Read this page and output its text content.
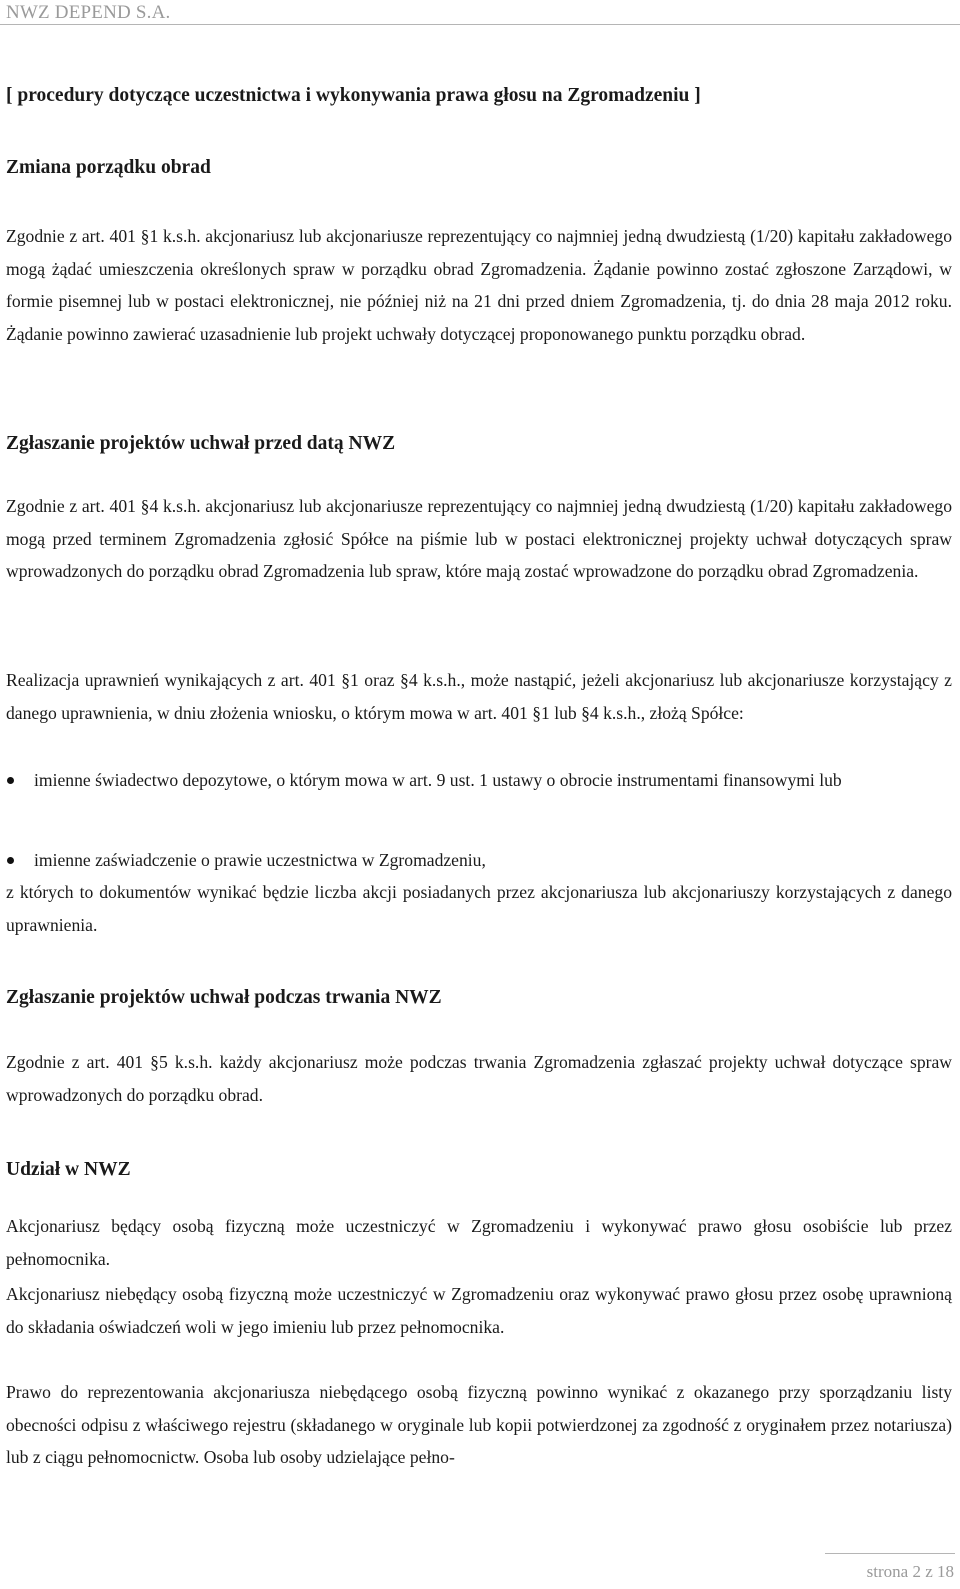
NWZ DEPEND S.A.
[ procedury dotyczące uczestnictwa i wykonywania prawa głosu na Zgromadzeniu ]
Zmiana porządku obrad
Zgodnie z art. 401 §1 k.s.h. akcjonariusz lub akcjonariusze reprezentujący co najmniej jedną dwudziestą (1/20) kapitału zakładowego mogą żądać umieszczenia określonych spraw w porządku obrad Zgromadzenia. Żądanie powinno zostać zgłoszone Zarządowi, w formie pisemnej lub w postaci elektronicznej, nie później niż na 21 dni przed dniem Zgromadzenia, tj. do dnia 28 maja 2012 roku. Żądanie powinno zawierać uzasadnienie lub projekt uchwały dotyczącej proponowanego punktu porządku obrad.
Zgłaszanie projektów uchwał przed datą NWZ
Zgodnie z art. 401 §4 k.s.h. akcjonariusz lub akcjonariusze reprezentujący co najmniej jedną dwudziestą (1/20) kapitału zakładowego mogą przed terminem Zgromadzenia zgłosić Spółce na piśmie lub w postaci elektronicznej projekty uchwał dotyczących spraw wprowadzonych do porządku obrad Zgromadzenia lub spraw, które mają zostać wprowadzone do porządku obrad Zgromadzenia.
Realizacja uprawnień wynikających z art. 401 §1 oraz §4 k.s.h., może nastąpić, jeżeli akcjonariusz lub akcjonariusze korzystający z danego uprawnienia, w dniu złożenia wniosku, o którym mowa w art. 401 §1 lub §4 k.s.h., złożą Spółce:
imienne świadectwo depozytowe, o którym mowa w art. 9 ust. 1 ustawy o obrocie instrumentami finansowymi lub
imienne zaświadczenie o prawie uczestnictwa w Zgromadzeniu,
z których to dokumentów wynikać będzie liczba akcji posiadanych przez akcjonariusza lub akcjonariuszy korzystających z danego uprawnienia.
Zgłaszanie projektów uchwał podczas trwania NWZ
Zgodnie z art. 401 §5 k.s.h. każdy akcjonariusz może podczas trwania Zgromadzenia zgłaszać projekty uchwał dotyczące spraw wprowadzonych do porządku obrad.
Udział w NWZ
Akcjonariusz będący osobą fizyczną może uczestniczyć w Zgromadzeniu i wykonywać prawo głosu osobiście lub przez pełnomocnika.
Akcjonariusz niebędący osobą fizyczną może uczestniczyć w Zgromadzeniu oraz wykonywać prawo głosu przez osobę uprawnioną do składania oświadczeń woli w jego imieniu lub przez pełnomocnika.
Prawo do reprezentowania akcjonariusza niebędącego osobą fizyczną powinno wynikać z okazanego przy sporządzaniu listy obecności odpisu z właściwego rejestru (składanego w oryginale lub kopii potwierdzonej za zgodność z oryginałem przez notariusza) lub z ciągu pełnomocnictw. Osoba lub osoby udzielające pełno-
strona 2 z 18
